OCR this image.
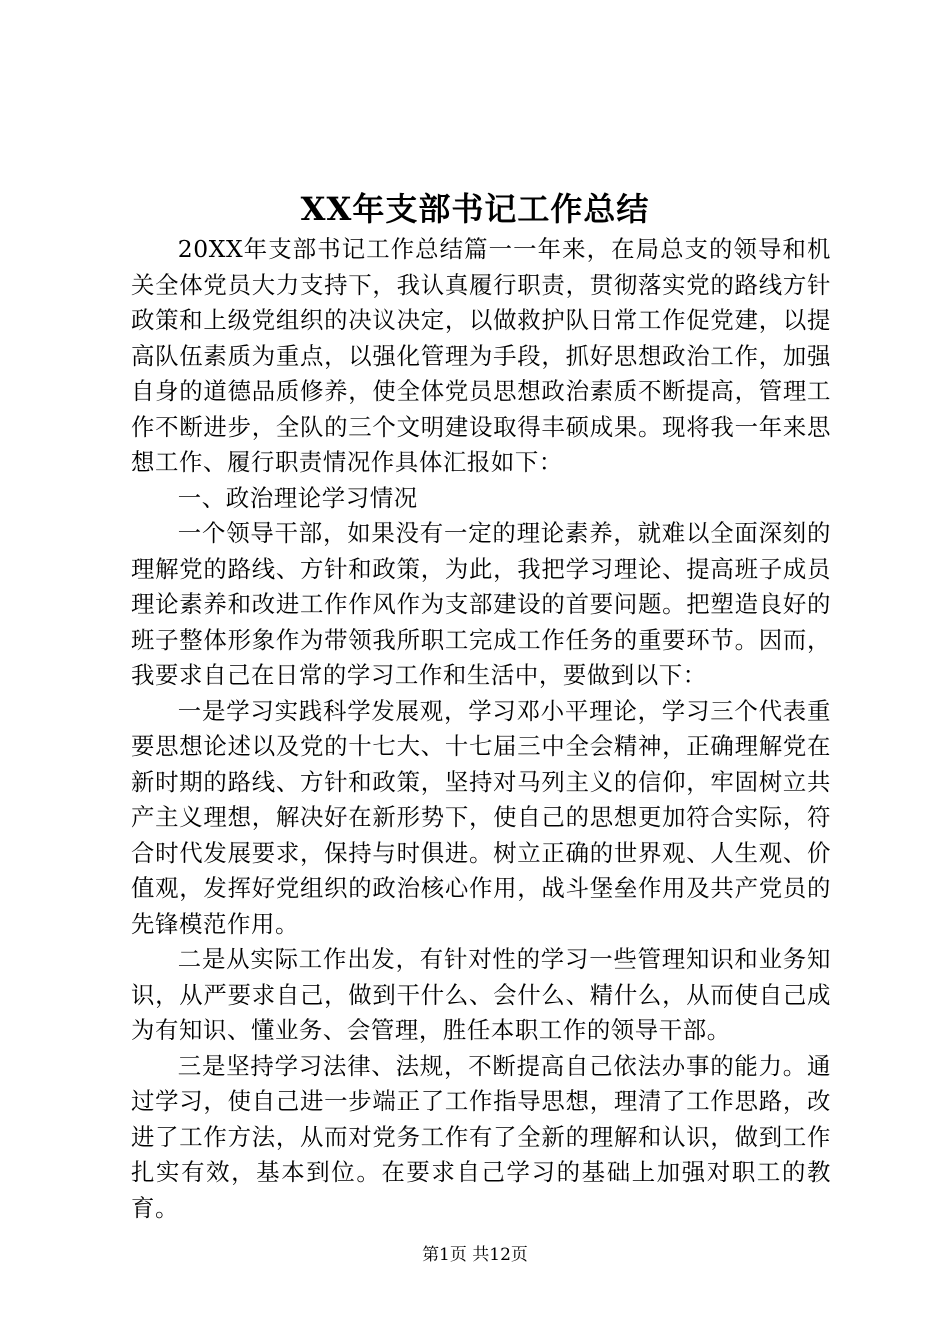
XX年支部书记工作总结

20XX年支部书记工作总结篇一一年来，在局总支的领导和机关全体党员大力支持下，我认真履行职责，贯彻落实党的路线方针政策和上级党组织的决议决定，以做救护队日常工作促党建，以提高队伍素质为重点，以强化管理为手段，抓好思想政治工作，加强自身的道德品质修养，使全体党员思想政治素质不断提高，管理工作不断进步，全队的三个文明建设取得丰硕成果。现将我一年来思想工作、履行职责情况作具体汇报如下：

一、政治理论学习情况

一个领导干部，如果没有一定的理论素养，就难以全面深刻的理解党的路线、方针和政策，为此，我把学习理论、提高班子成员理论素养和改进工作作风作为支部建设的首要问题。把塑造良好的班子整体形象作为带领我所职工完成工作任务的重要环节。因而，我要求自己在日常的学习工作和生活中，要做到以下：

一是学习实践科学发展观，学习邓小平理论，学习三个代表重要思想论述以及党的十七大、十七届三中全会精神，正确理解党在新时期的路线、方针和政策，坚持对马列主义的信仰，牢固树立共产主义理想，解决好在新形势下，使自己的思想更加符合实际，符合时代发展要求，保持与时俱进。树立正确的世界观、人生观、价值观，发挥好党组织的政治核心作用，战斗堡垒作用及共产党员的先锋模范作用。

二是从实际工作出发，有针对性的学习一些管理知识和业务知识，从严要求自己，做到干什么、会什么、精什么，从而使自己成为有知识、懂业务、会管理，胜任本职工作的领导干部。

三是坚持学习法律、法规，不断提高自己依法办事的能力。通过学习，使自己进一步端正了工作指导思想，理清了工作思路，改进了工作方法，从而对党务工作有了全新的理解和认识，做到工作扎实有效，基本到位。在要求自己学习的基础上加强对职工的教育。

第1页 共12页
